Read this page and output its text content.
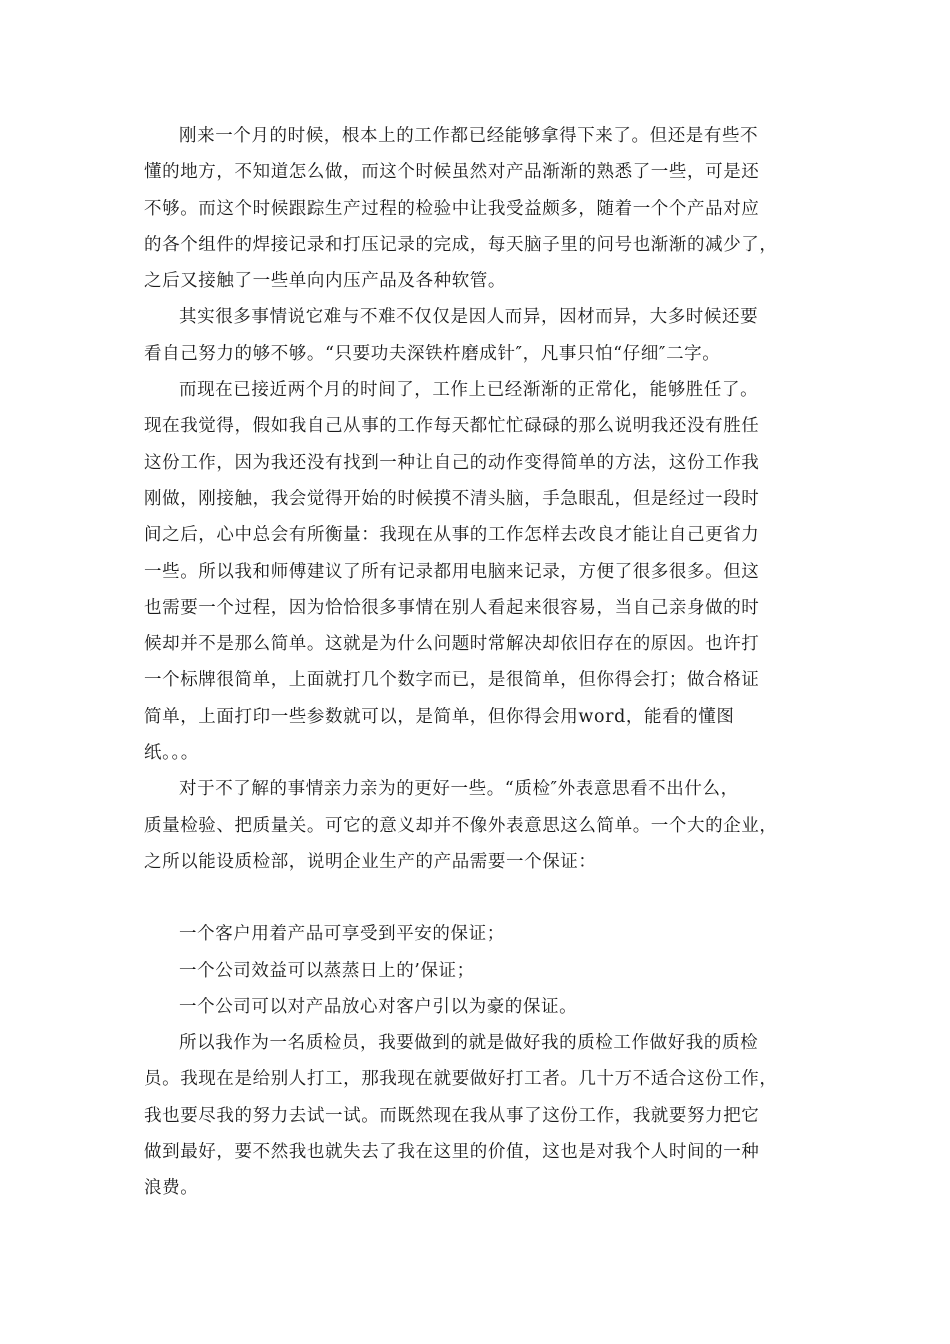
刚来一个月的时候，根本上的工作都已经能够拿得下来了。但还是有些不
懂的地方，不知道怎么做，而这个时候虽然对产品渐渐的熟悉了一些，可是还
不够。而这个时候跟踪生产过程的检验中让我受益颇多，随着一个个产品对应
的各个组件的焊接记录和打压记录的完成，每天脑子里的问号也渐渐的减少了，
之后又接触了一些单向内压产品及各种软管。
其实很多事情说它难与不难不仅仅是因人而异，因材而异，大多时候还要
看自己努力的够不够。“只要功夫深铁杵磨成针″，凡事只怕“仔细″二字。
而现在已接近两个月的时间了，工作上已经渐渐的正常化，能够胜任了。
现在我觉得，假如我自己从事的工作每天都忙忙碌碌的那么说明我还没有胜任
这份工作，因为我还没有找到一种让自己的动作变得简单的方法，这份工作我
刚做，刚接触，我会觉得开始的时候摸不清头脑，手急眼乱，但是经过一段时
间之后，心中总会有所衡量：我现在从事的工作怎样去改良才能让自己更省力
一些。所以我和师傅建议了所有记录都用电脑来记录，方便了很多很多。但这
也需要一个过程，因为恰恰很多事情在别人看起来很容易，当自己亲身做的时
候却并不是那么简单。这就是为什么问题时常解决却依旧存在的原因。也许打
一个标牌很简单，上面就打几个数字而已，是很简单，但你得会打；做合格证
简单，上面打印一些参数就可以，是简单，但你得会用word，能看的懂图
纸。。。
对于不了解的事情亲力亲为的更好一些。“质检″外表意思看不出什么，
质量检验、把质量关。可它的意义却并不像外表意思这么简单。一个大的企业，
之所以能设质检部，说明企业生产的产品需要一个保证：
一个客户用着产品可享受到平安的保证；
一个公司效益可以蒸蒸日上的’保证；
一个公司可以对产品放心对客户引以为豪的保证。
所以我作为一名质检员，我要做到的就是做好我的质检工作做好我的质检
员。我现在是给别人打工，那我现在就要做好打工者。几十万不适合这份工作，
我也要尽我的努力去试一试。而既然现在我从事了这份工作，我就要努力把它
做到最好，要不然我也就失去了我在这里的价值，这也是对我个人时间的一种
浪费。
